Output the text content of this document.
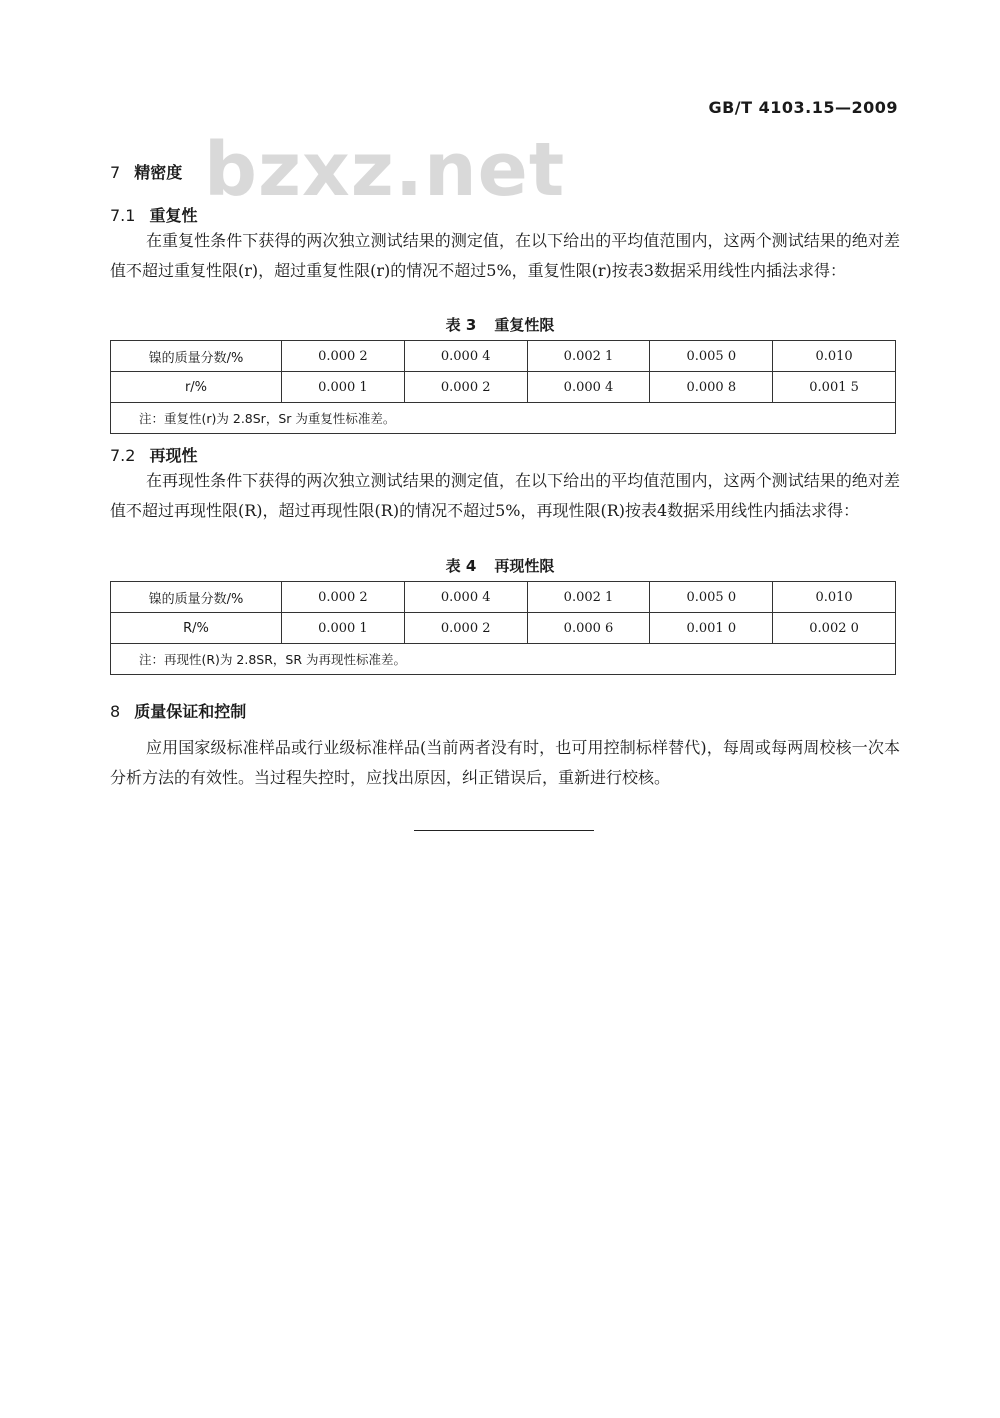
GB/T 4103.15—2009
bzxz.net
7 精密度
7.1 重复性

在重复性条件下获得的两次独立测试结果的测定值，在以下给出的平均值范围内，这两个测试结果的绝对差值不超过重复性限(r)，超过重复性限(r)的情况不超过5%，重复性限(r)按表3数据采用线性内插法求得：

表 3 重复性限
镍的质量分数/%	0.000 2	0.000 4	0.002 1	0.005 0	0.010
r/%	0.000 1	0.000 2	0.000 4	0.000 8	0.001 5
注：重复性(r)为 2.8Sr，Sr 为重复性标准差。					
7.2 再现性

在再现性条件下获得的两次独立测试结果的测定值，在以下给出的平均值范围内，这两个测试结果的绝对差值不超过再现性限(R)，超过再现性限(R)的情况不超过5%，再现性限(R)按表4数据采用线性内插法求得：

表 4 再现性限
镍的质量分数/%	0.000 2	0.000 4	0.002 1	0.005 0	0.010
R/%	0.000 1	0.000 2	0.000 6	0.001 0	0.002 0
注：再现性(R)为 2.8SR，SR 为再现性标准差。					
8 质量保证和控制

应用国家级标准样品或行业级标准样品(当前两者没有时，也可用控制标样替代)，每周或每两周校核一次本分析方法的有效性。当过程失控时，应找出原因，纠正错误后，重新进行校核。
